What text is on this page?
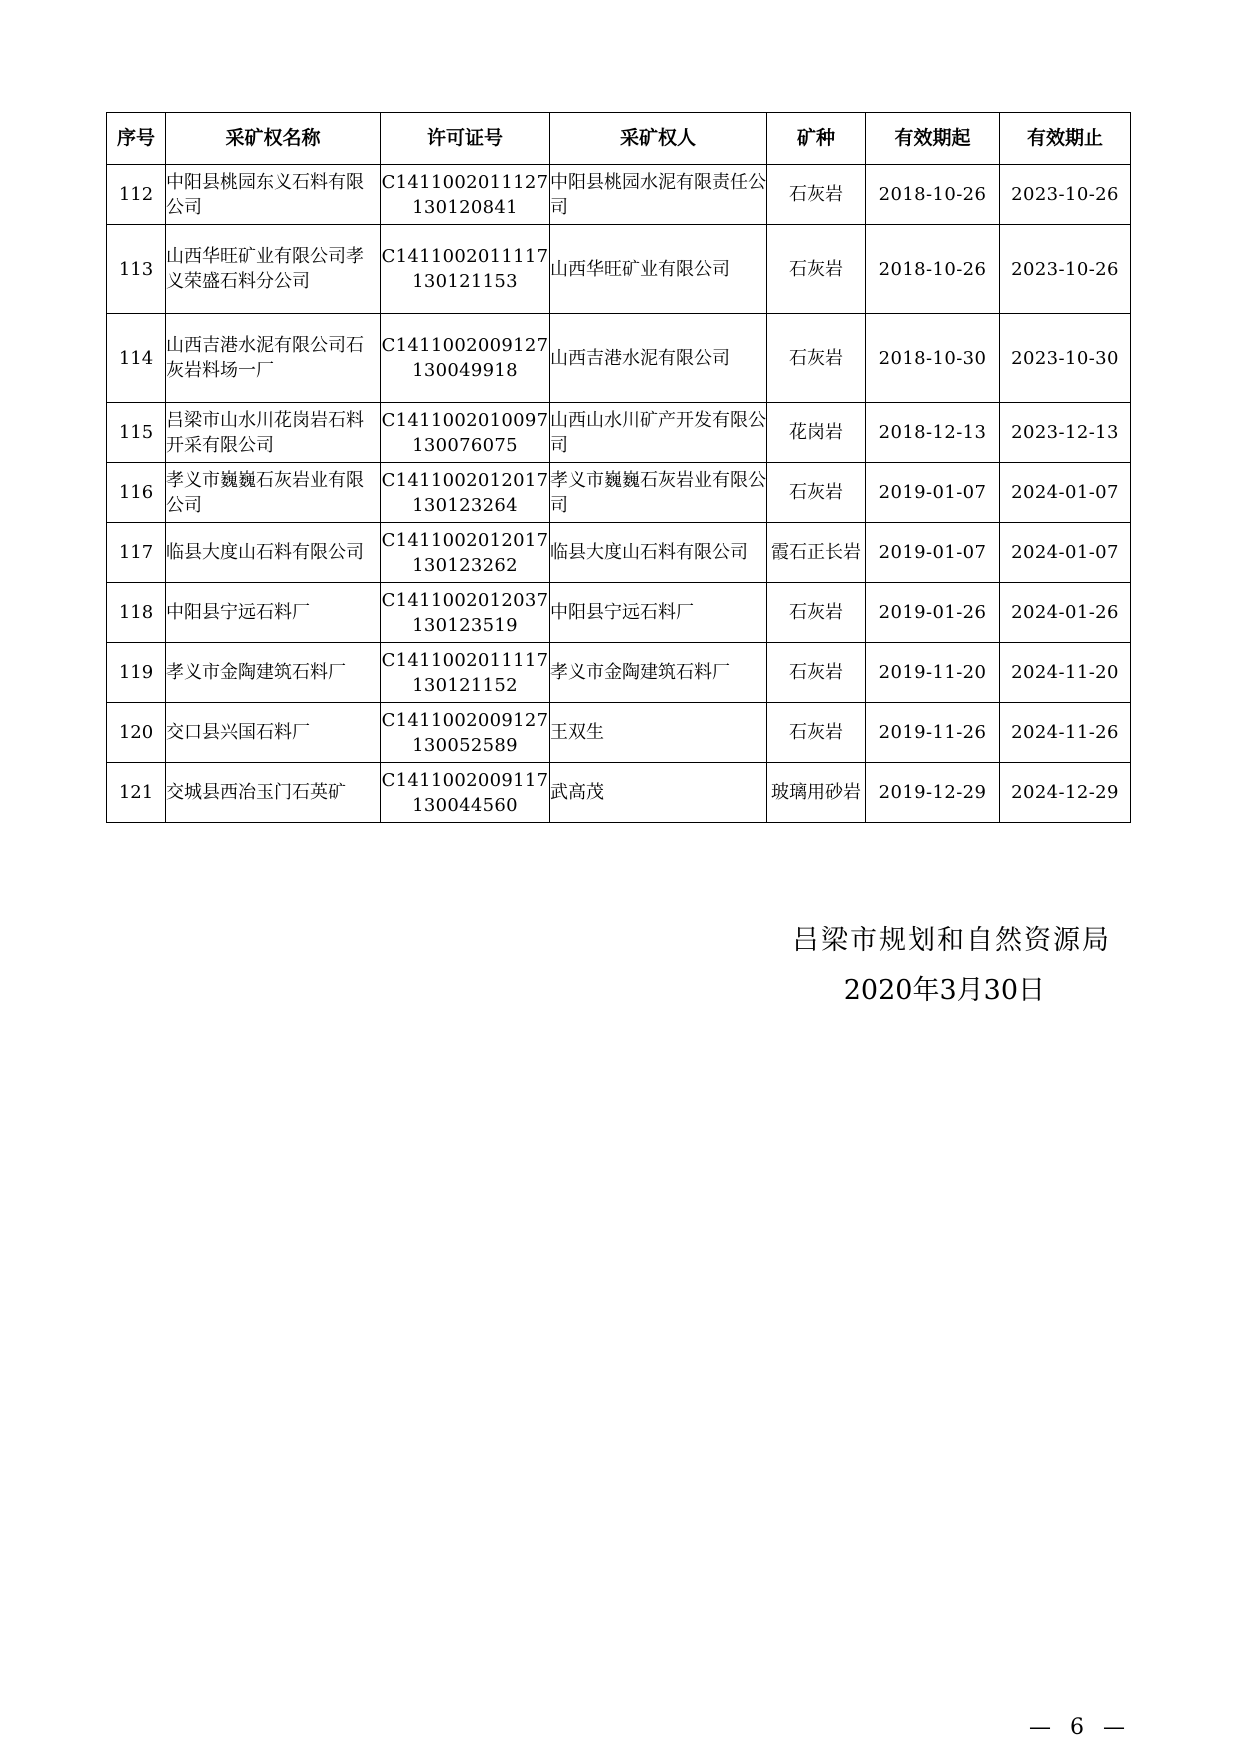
序号	采矿权名称	许可证号	采矿权人	矿种	有效期起	有效期止
112	中阳县桃园东义石料有限公司	C1411002011127130120841	中阳县桃园水泥有限责任公司	石灰岩	2018-10-26	2023-10-26
113	山西华旺矿业有限公司孝义荣盛石料分公司	C1411002011117130121153	山西华旺矿业有限公司	石灰岩	2018-10-26	2023-10-26
114	山西吉港水泥有限公司石灰岩料场一厂	C1411002009127130049918	山西吉港水泥有限公司	石灰岩	2018-10-30	2023-10-30
115	吕梁市山水川花岗岩石料开采有限公司	C1411002010097130076075	山西山水川矿产开发有限公司	花岗岩	2018-12-13	2023-12-13
116	孝义市巍巍石灰岩业有限公司	C1411002012017130123264	孝义市巍巍石灰岩业有限公司	石灰岩	2019-01-07	2024-01-07
117	临县大度山石料有限公司	C1411002012017130123262	临县大度山石料有限公司	霞石正长岩	2019-01-07	2024-01-07
118	中阳县宁远石料厂	C1411002012037130123519	中阳县宁远石料厂	石灰岩	2019-01-26	2024-01-26
119	孝义市金陶建筑石料厂	C1411002011117130121152	孝义市金陶建筑石料厂	石灰岩	2019-11-20	2024-11-20
120	交口县兴国石料厂	C1411002009127130052589	王双生	石灰岩	2019-11-26	2024-11-26
121	交城县西冶玉门石英矿	C1411002009117130044560	武高茂	玻璃用砂岩	2019-12-29	2024-12-29
吕梁市规划和自然资源局
2020年3月30日
— 6 —
